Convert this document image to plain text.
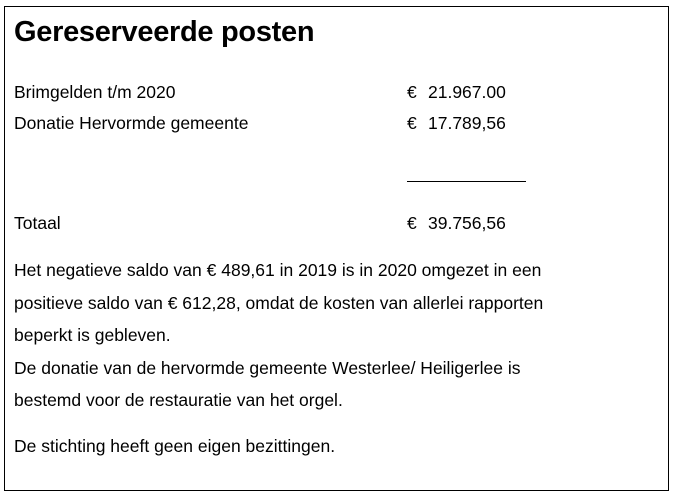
Gereserveerde posten
Brimgelden t/m 2020	€ 21.967.00
Donatie Hervormde gemeente	€ 17.789,56
Totaal	€ 39.756,56

Het negatieve saldo van € 489,61 in 2019 is in 2020 omgezet in een
positieve saldo van € 612,28, omdat de kosten van allerlei rapporten
beperkt is gebleven.
De donatie van de hervormde gemeente Westerlee/ Heiligerlee is
bestemd voor de restauratie van het orgel.

De stichting heeft geen eigen bezittingen.
